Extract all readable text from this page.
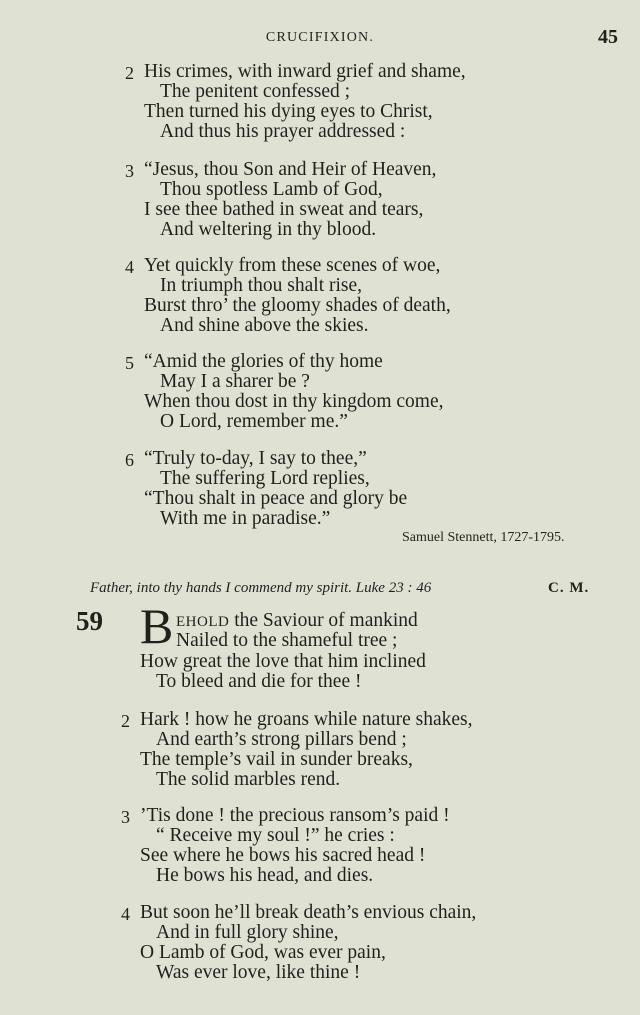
CRUCIFIXION.	45
2 His crimes, with inward grief and shame,
The penitent confessed ;
Then turned his dying eyes to Christ,
And thus his prayer addressed :
3 “Jesus, thou Son and Heir of Heaven,
Thou spotless Lamb of God,
I see thee bathed in sweat and tears,
And weltering in thy blood.
4 Yet quickly from these scenes of woe,
In triumph thou shalt rise,
Burst thro’ the gloomy shades of death,
And shine above the skies.
5 “Amid the glories of thy home
May I a sharer be ?
When thou dost in thy kingdom come,
O Lord, remember me.”
6 “Truly to-day, I say to thee,”
The suffering Lord replies,
“Thou shalt in peace and glory be
With me in paradise.”
Samuel Stennett, 1727-1795.
Father, into thy hands I commend my spirit. Luke 23 : 46	C. M.
59 B EHOLD the Saviour of mankind
Nailed to the shameful tree ;
How great the love that him inclined
To bleed and die for thee !
2 Hark ! how he groans while nature shakes,
And earth’s strong pillars bend ;
The temple’s vail in sunder breaks,
The solid marbles rend.
3 ’Tis done ! the precious ransom’s paid !
“ Receive my soul !” he cries :
See where he bows his sacred head !
He bows his head, and dies.
4 But soon he’ll break death’s envious chain,
And in full glory shine,
O Lamb of God, was ever pain,
Was ever love, like thine !
